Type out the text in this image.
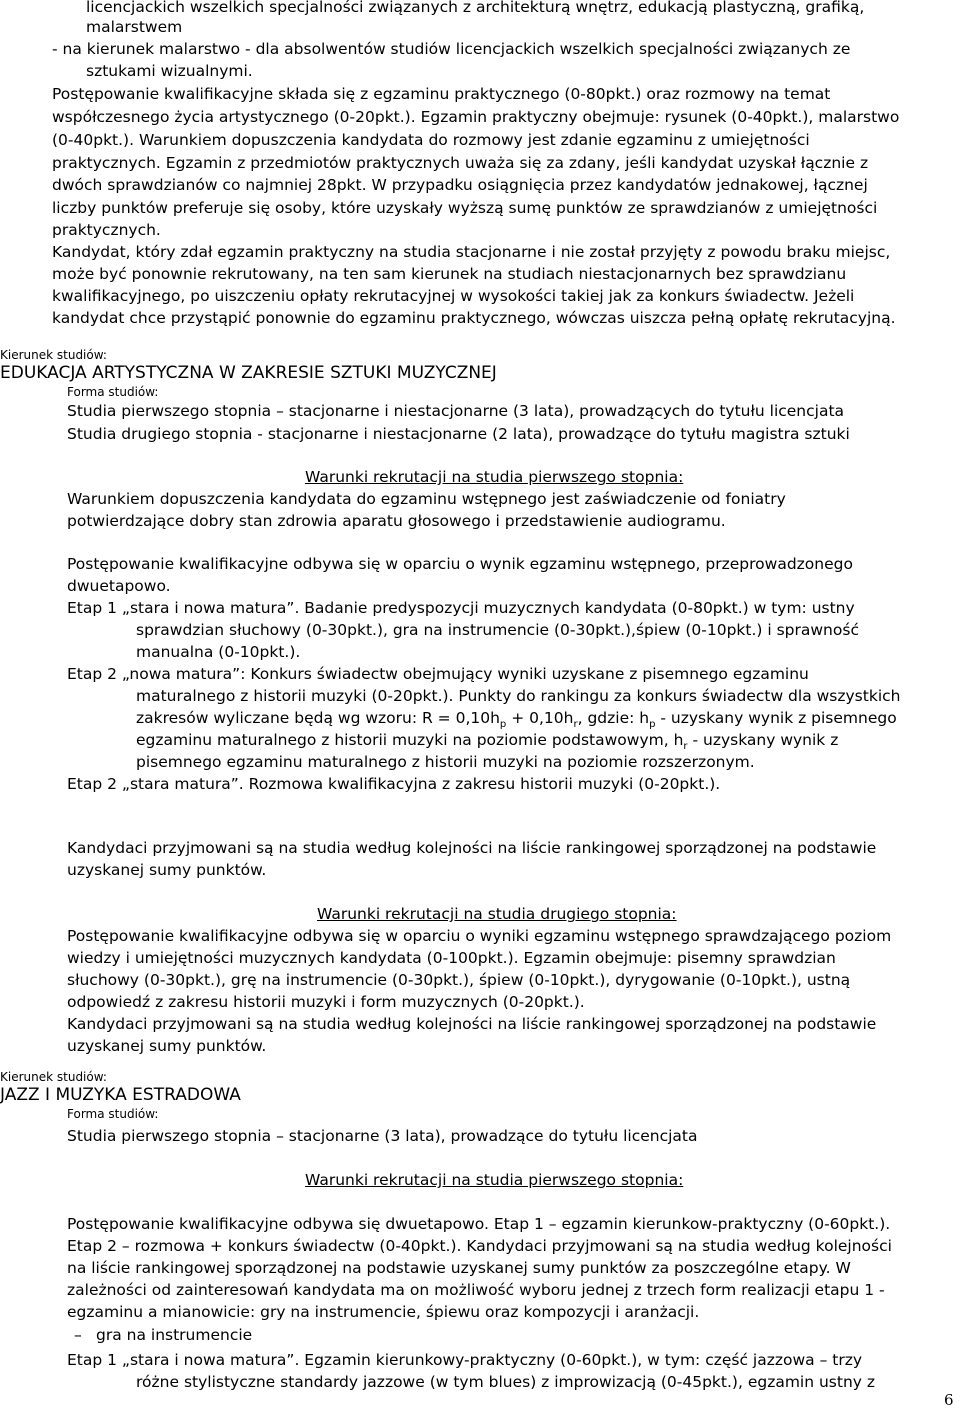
licencjackich wszelkich specjalności związanych z architekturą wnętrz, edukacją plastyczną, grafiką,
malarstwem
- na kierunek malarstwo - dla absolwentów studiów licencjackich wszelkich specjalności związanych ze
sztukami wizualnymi.
Postępowanie kwalifikacyjne składa się z egzaminu praktycznego (0-80pkt.) oraz rozmowy na temat
współczesnego życia artystycznego (0-20pkt.). Egzamin praktyczny obejmuje: rysunek (0-40pkt.), malarstwo
(0-40pkt.). Warunkiem dopuszczenia kandydata do rozmowy jest zdanie egzaminu z umiejętności
praktycznych. Egzamin z przedmiotów praktycznych uważa się za zdany, jeśli kandydat uzyskał łącznie z
dwóch sprawdzianów co najmniej 28pkt. W przypadku osiągnięcia przez kandydatów jednakowej, łącznej
liczby punktów preferuje się osoby, które uzyskały wyższą sumę punktów ze sprawdzianów z umiejętności
praktycznych.
Kandydat, który zdał egzamin praktyczny na studia stacjonarne i nie został przyjęty z powodu braku miejsc,
może być ponownie rekrutowany, na ten sam kierunek na studiach niestacjonarnych bez sprawdzianu
kwalifikacyjnego, po uiszczeniu opłaty rekrutacyjnej w wysokości takiej jak za konkurs świadectw. Jeżeli
kandydat chce przystąpić ponownie do egzaminu praktycznego, wówczas uiszcza pełną opłatę rekrutacyjną.
Kierunek studiów:
EDUKACJA ARTYSTYCZNA W ZAKRESIE SZTUKI MUZYCZNEJ
Forma studiów:
Studia pierwszego stopnia – stacjonarne i niestacjonarne (3 lata), prowadzących do tytułu licencjata
Studia drugiego stopnia - stacjonarne i niestacjonarne (2 lata), prowadzące do tytułu magistra sztuki
Warunki rekrutacji na studia pierwszego stopnia:
Warunkiem dopuszczenia kandydata do egzaminu wstępnego jest zaświadczenie od foniatry
potwierdzające dobry stan zdrowia aparatu głosowego i przedstawienie audiogramu.
Postępowanie kwalifikacyjne odbywa się w oparciu o wynik egzaminu wstępnego, przeprowadzonego
dwuetapowo.
Etap 1 „stara i nowa matura”. Badanie predyspozycji muzycznych kandydata (0-80pkt.) w tym: ustny
sprawdzian słuchowy (0-30pkt.), gra na instrumencie (0-30pkt.),śpiew (0-10pkt.) i sprawność
manualna (0-10pkt.).
Etap 2 „nowa matura”: Konkurs świadectw obejmujący wyniki uzyskane z pisemnego egzaminu
maturalnego z historii muzyki (0-20pkt.). Punkty do rankingu za konkurs świadectw dla wszystkich
zakresów wyliczane będą wg wzoru: $R = 0,10h_p + 0,10h_r$, gdzie: $h_p$ - uzyskany wynik z pisemnego
egzaminu maturalnego z historii muzyki na poziomie podstawowym, $h_r$ - uzyskany wynik z
pisemnego egzaminu maturalnego z historii muzyki na poziomie rozszerzonym.
Etap 2 „stara matura”. Rozmowa kwalifikacyjna z zakresu historii muzyki (0-20pkt.).
Kandydaci przyjmowani są na studia według kolejności na liście rankingowej sporządzonej na podstawie
uzyskanej sumy punktów.
Warunki rekrutacji na studia drugiego stopnia:
Postępowanie kwalifikacyjne odbywa się w oparciu o wyniki egzaminu wstępnego sprawdzającego poziom
wiedzy i umiejętności muzycznych kandydata (0-100pkt.). Egzamin obejmuje: pisemny sprawdzian
słuchowy (0-30pkt.), grę na instrumencie (0-30pkt.), śpiew (0-10pkt.), dyrygowanie (0-10pkt.), ustną
odpowiedź z zakresu historii muzyki i form muzycznych (0-20pkt.).
Kandydaci przyjmowani są na studia według kolejności na liście rankingowej sporządzonej na podstawie
uzyskanej sumy punktów.
Kierunek studiów:
JAZZ I MUZYKA ESTRADOWA
Forma studiów:
Studia pierwszego stopnia – stacjonarne (3 lata), prowadzące do tytułu licencjata
Warunki rekrutacji na studia pierwszego stopnia:
Postępowanie kwalifikacyjne odbywa się dwuetapowo. Etap 1 – egzamin kierunkow-praktyczny (0-60pkt.).
Etap 2 – rozmowa + konkurs świadectw (0-40pkt.). Kandydaci przyjmowani są na studia według kolejności
na liście rankingowej sporządzonej na podstawie uzyskanej sumy punktów za poszczególne etapy. W
zależności od zainteresowań kandydata ma on możliwość wyboru jednej z trzech form realizacji etapu 1 -
egzaminu a mianowicie: gry na instrumencie, śpiewu oraz kompozycji i aranżacji.
– gra na instrumencie
Etap 1 „stara i nowa matura”. Egzamin kierunkowy-praktyczny (0-60pkt.), w tym: część jazzowa – trzy
różne stylistyczne standardy jazzowe (w tym blues) z improwizacją (0-45pkt.), egzamin ustny z
6
